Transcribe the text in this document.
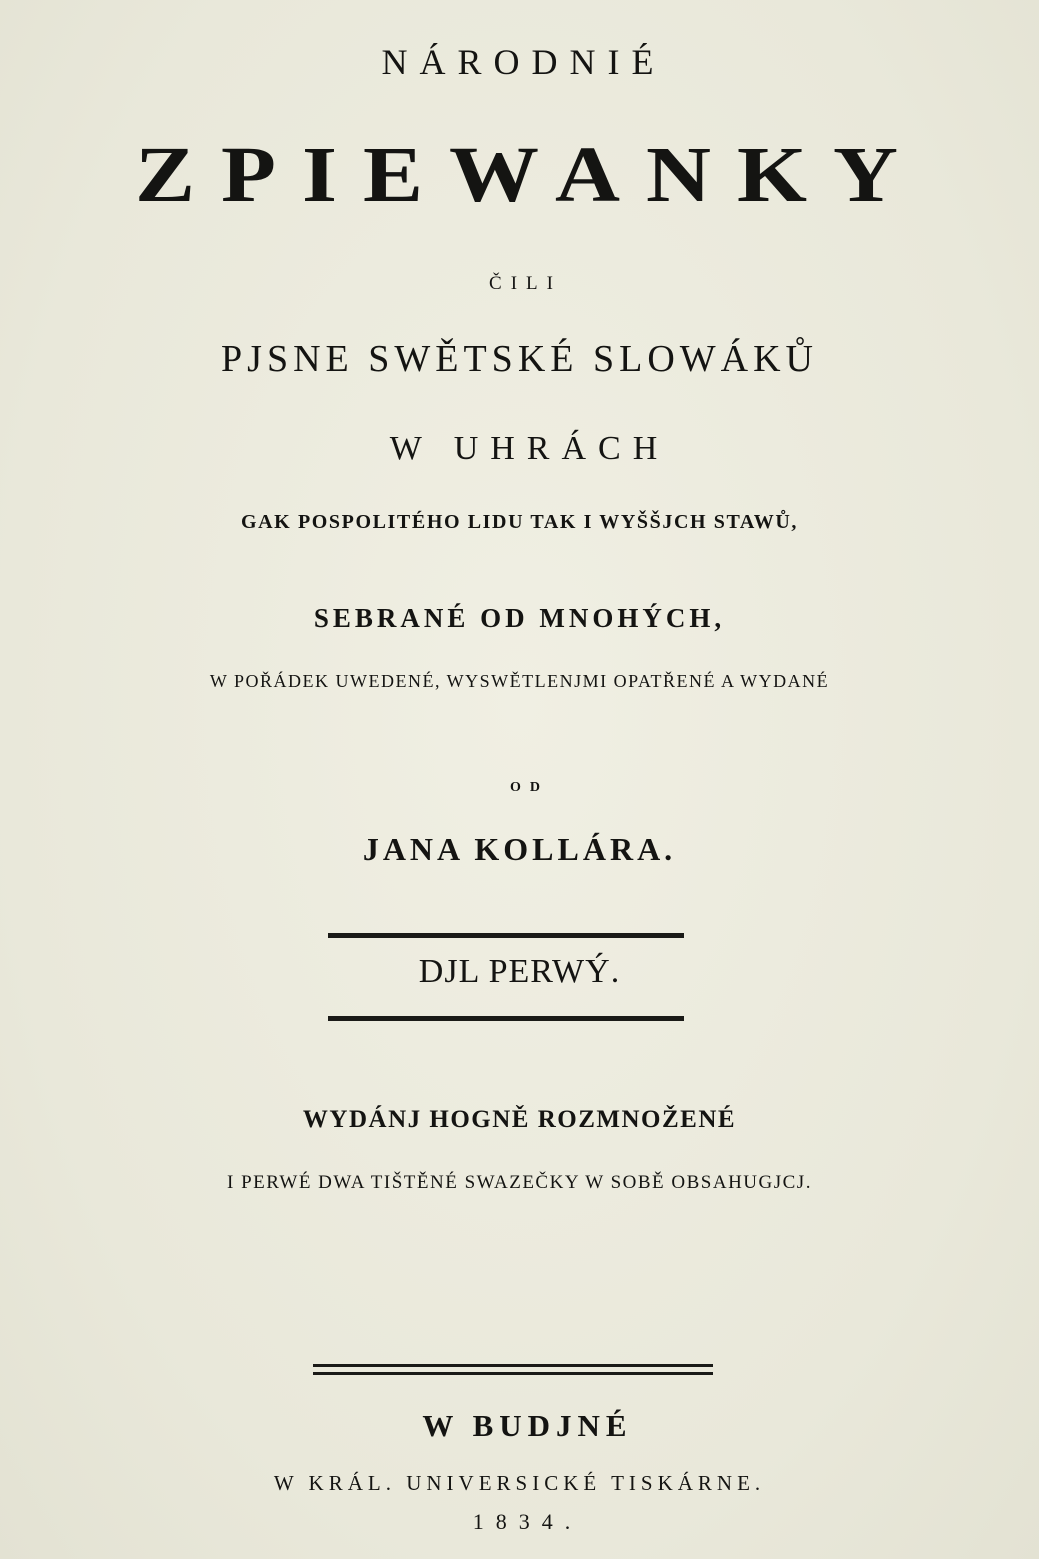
NÁRODNIÉ
ZPIEWANKY
ČILI
PJSNE SWĚTSKÉ SLOWÁKŮ
W UHRÁCH
GAK POSPOLITÉHO LIDU TAK I WYŠŠJCH STAWŮ,
SEBRANÉ OD MNOHÝCH,
W POŘÁDEK UWEDENÉ, WYSWĚTLENJMI OPATŘENÉ A WYDANÉ
OD
JANA KOLLÁRA.
DJL PERWÝ.
WYDÁNJ HOGNĚ ROZMNOŽENÉ
I PERWÉ DWA TIŠTĚNÉ SWAZEČKY W SOBĚ OBSAHUGJCJ.
W BUDJNÉ
W KRÁL. UNIVERSICKÉ TISKÁRNE.
1834.
